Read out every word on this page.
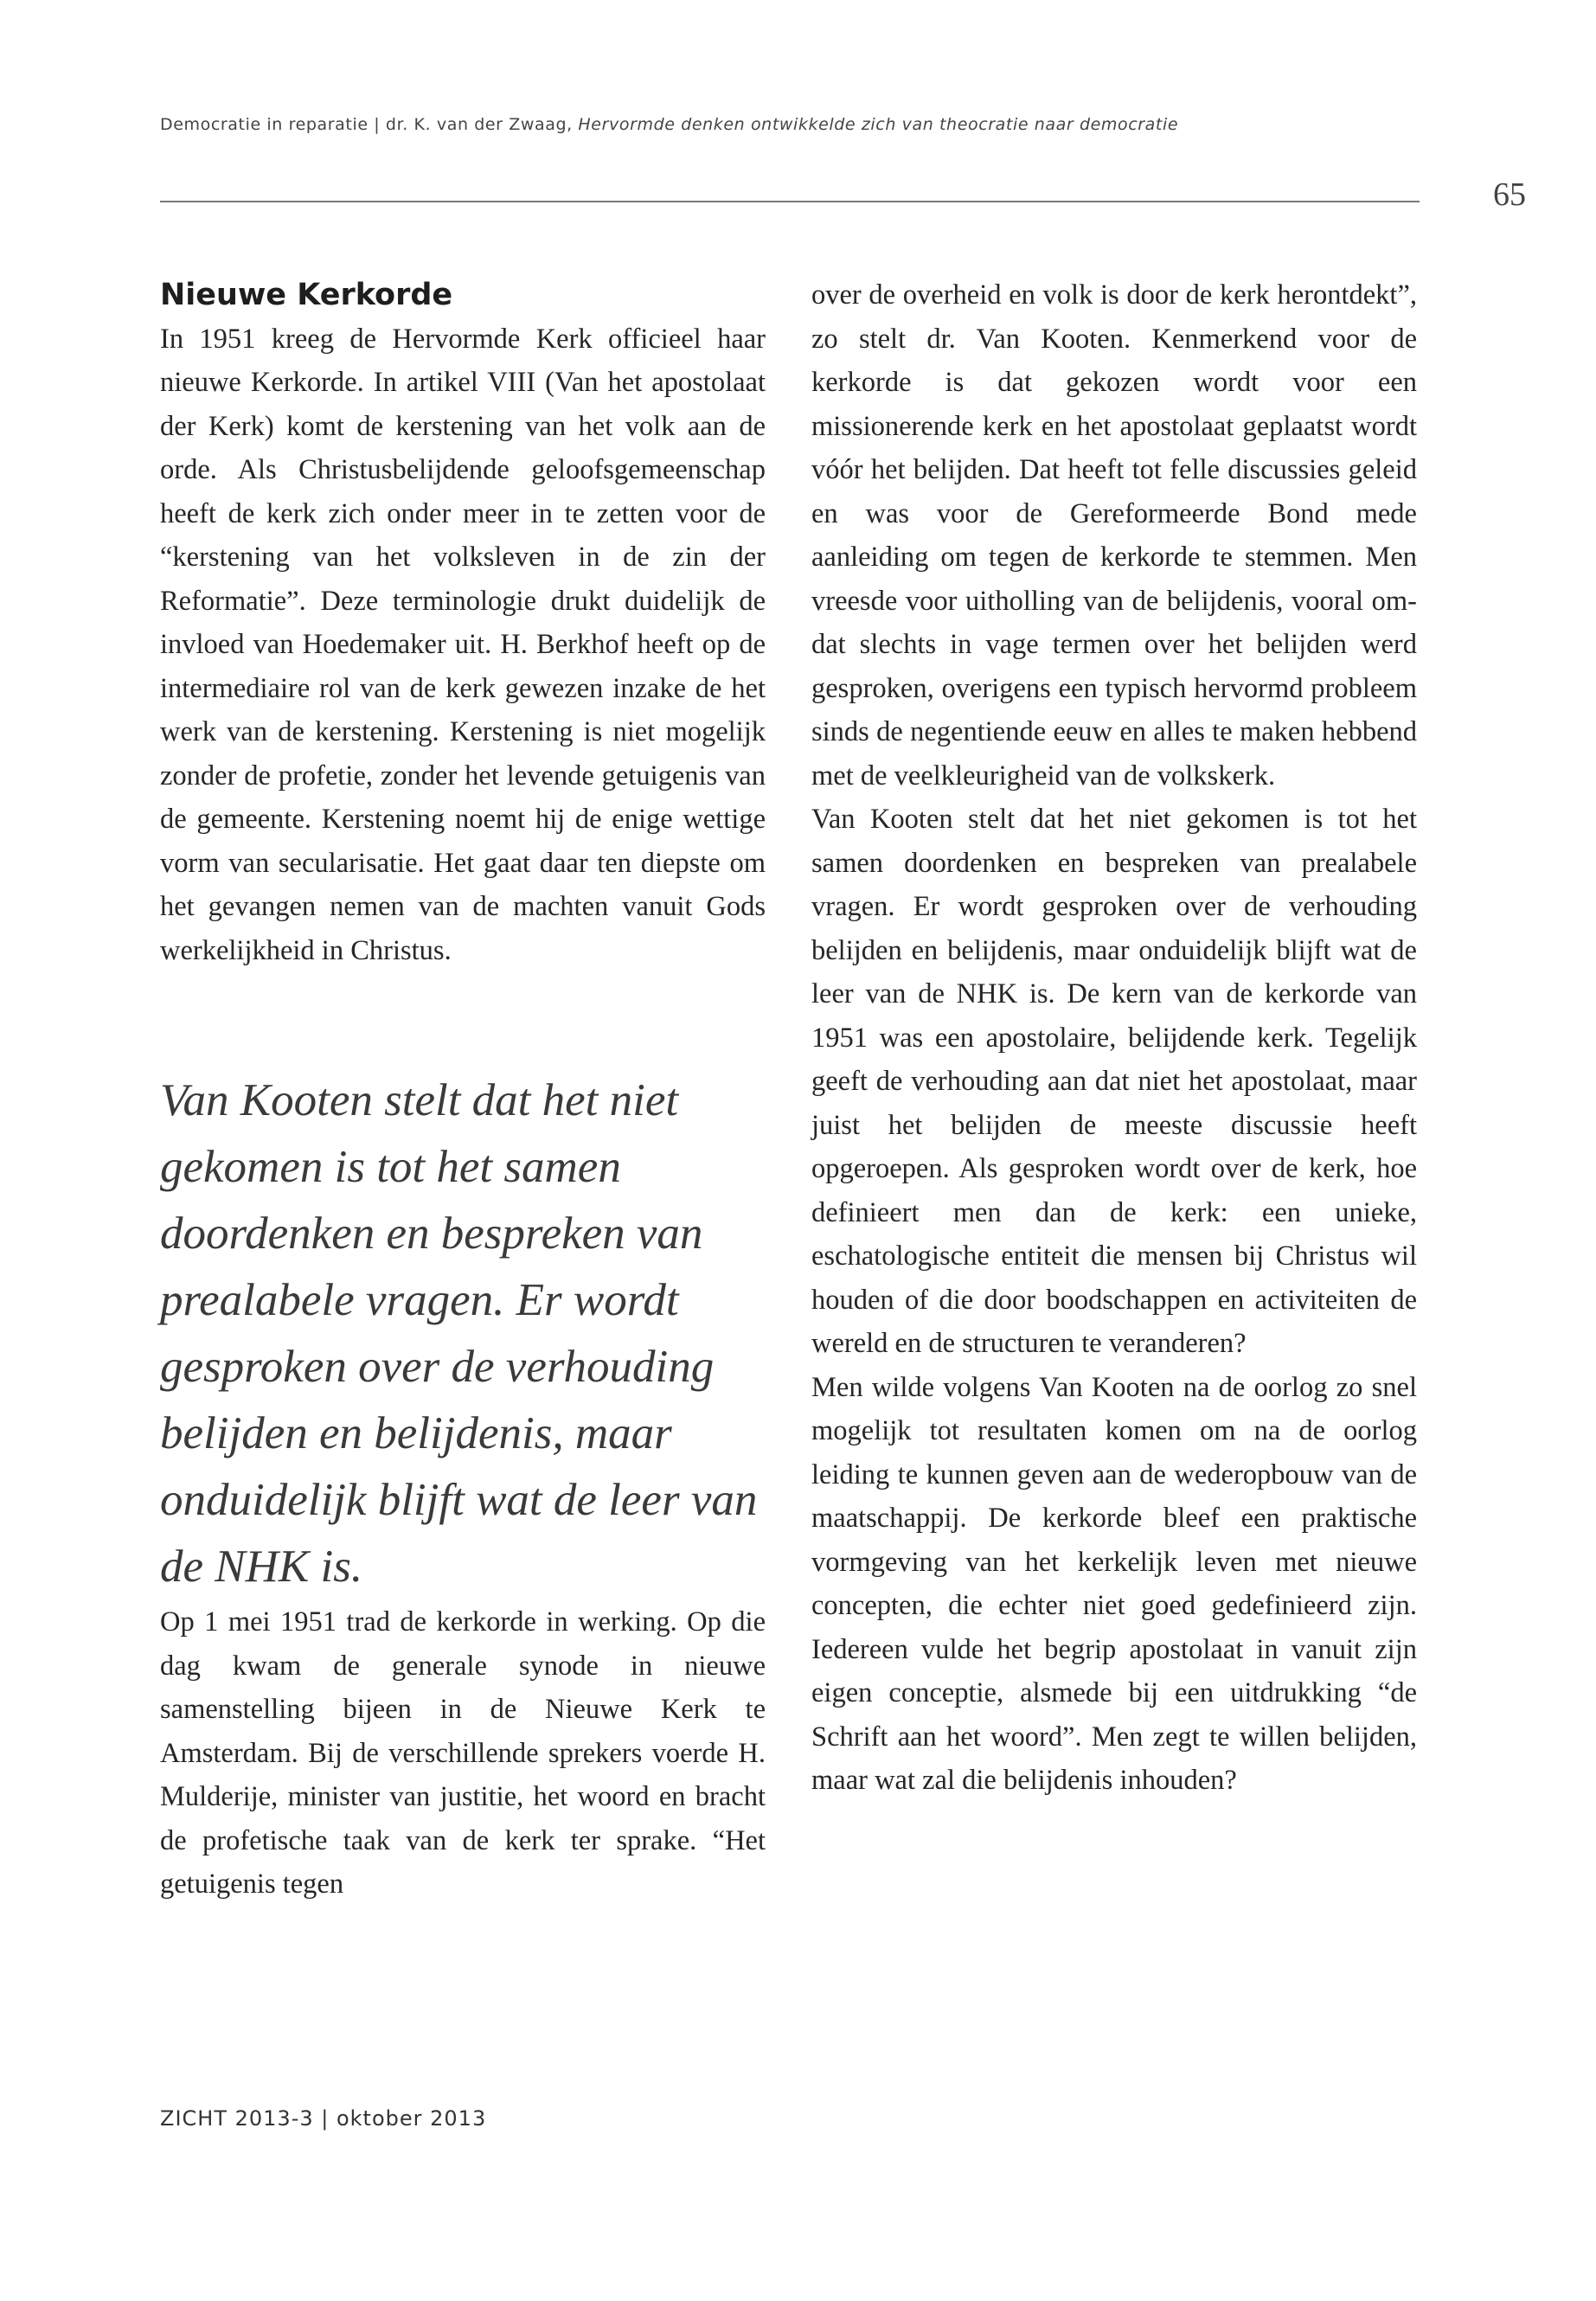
Democratie in reparatie | dr. K. van der Zwaag, Hervormde denken ontwikkelde zich van theocratie naar democratie
65
Nieuwe Kerkorde

In 1951 kreeg de Hervormde Kerk officieel haar nieuwe Kerkorde. In artikel VIII (Van het apostolaat der Kerk) komt de kerstening van het volk aan de orde. Als Christusbelijdende geloofsgemeenschap heeft de kerk zich onder meer in te zetten voor de “kerstening van het volksleven in de zin der Reformatie”. Deze terminologie drukt duidelijk de invloed van Hoedemaker uit. H. Berkhof heeft op de intermediaire rol van de kerk gewezen inzake de het werk van de kerstening. Kerstening is niet mogelijk zonder de profetie, zonder het levende getuigenis van de gemeente. Kerstening noemt hij de enige wettige vorm van secularisatie. Het gaat daar ten diepste om het gevangen nemen van de machten vanuit Gods werkelijkheid in Christus.

Van Kooten stelt dat het niet gekomen is tot het samen doordenken en bespreken van prealabele vragen. Er wordt gesproken over de verhouding belijden en belijdenis, maar onduidelijk blijft wat de leer van de NHK is.

Op 1 mei 1951 trad de kerkorde in werking. Op die dag kwam de generale synode in nieuwe samenstelling bijeen in de Nieuwe Kerk te Amsterdam. Bij de verschillende sprekers voerde H. Mulderije, minister van justitie, het woord en bracht de profetische taak van de kerk ter sprake. “Het getuigenis tegen

over de overheid en volk is door de kerk herontdekt”, zo stelt dr. Van Kooten. Kenmerkend voor de kerkorde is dat gekozen wordt voor een missionerende kerk en het apostolaat geplaatst wordt vóór het belijden. Dat heeft tot felle discussies geleid en was voor de Gereformeerde Bond mede aanleiding om tegen de kerkorde te stemmen. Men vreesde voor uitholling van de belijdenis, vooral omdat slechts in vage termen over het belijden werd gesproken, overigens een typisch hervormd probleem sinds de negentiende eeuw en alles te maken hebbend met de veelkleurigheid van de volkskerk.

Van Kooten stelt dat het niet gekomen is tot het samen doordenken en bespreken van prealabele vragen. Er wordt gesproken over de verhouding belijden en belijdenis, maar onduidelijk blijft wat de leer van de NHK is. De kern van de kerkorde van 1951 was een apostolaire, belijdende kerk. Tegelijk geeft de verhouding aan dat niet het apostolaat, maar juist het belijden de meeste discussie heeft opgeroepen. Als gesproken wordt over de kerk, hoe definieert men dan de kerk: een unieke, eschatologische entiteit die mensen bij Christus wil houden of die door boodschappen en activiteiten de wereld en de structuren te veranderen?

Men wilde volgens Van Kooten na de oorlog zo snel mogelijk tot resultaten komen om na de oorlog leiding te kunnen geven aan de wederopbouw van de maatschappij. De kerkorde bleef een praktische vormgeving van het kerkelijk leven met nieuwe concepten, die echter niet goed gedefinieerd zijn. Iedereen vulde het begrip apostolaat in vanuit zijn eigen conceptie, alsmede bij een uitdrukking “de Schrift aan het woord”. Men zegt te willen belijden, maar wat zal die belijdenis inhouden?

ZICHT 2013-3 | oktober 2013
